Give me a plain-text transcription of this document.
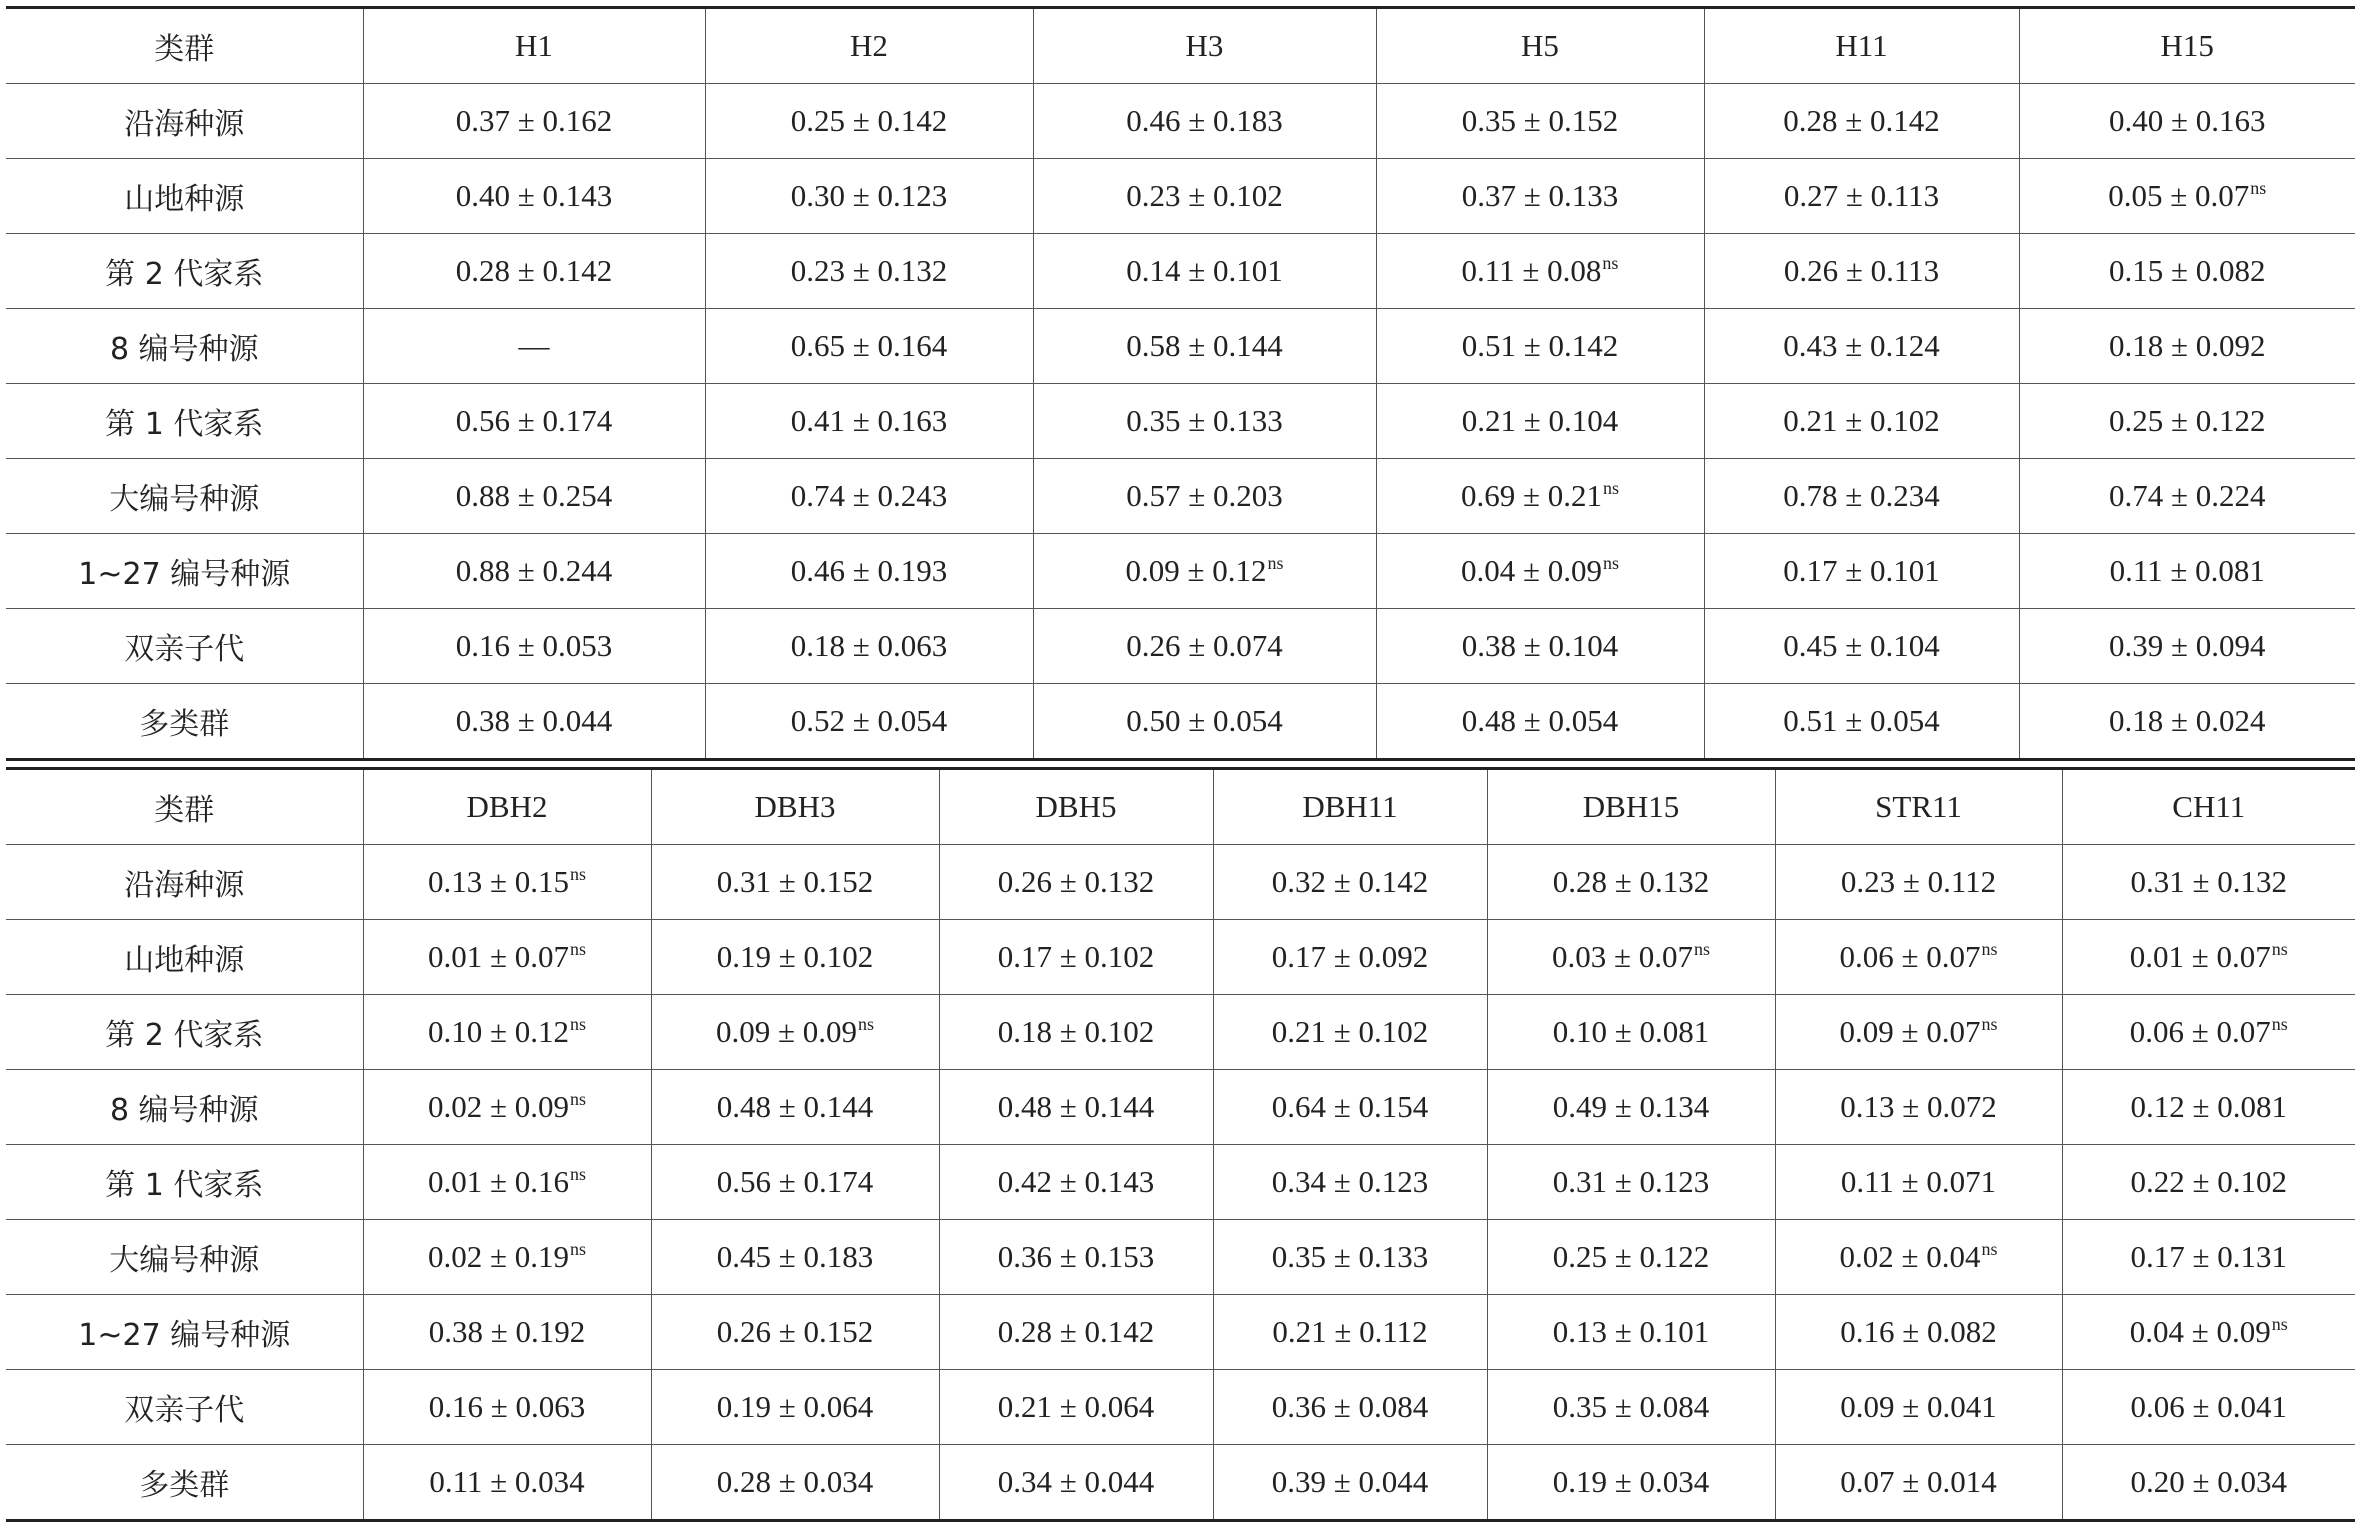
类群	H1	H2	H3	H5	H11	H15
沿海种源	0.37 ± 0.162	0.25 ± 0.142	0.46 ± 0.183	0.35 ± 0.152	0.28 ± 0.142	0.40 ± 0.163
山地种源	0.40 ± 0.143	0.30 ± 0.123	0.23 ± 0.102	0.37 ± 0.133	0.27 ± 0.113	$0.05 \pm 0.07^{ns}$
第 2 代家系	0.28 ± 0.142	0.23 ± 0.132	0.14 ± 0.101	$0.11 \pm 0.08^{ns}$	0.26 ± 0.113	0.15 ± 0.082
8 编号种源	—	0.65 ± 0.164	0.58 ± 0.144	0.51 ± 0.142	0.43 ± 0.124	0.18 ± 0.092
第 1 代家系	0.56 ± 0.174	0.41 ± 0.163	0.35 ± 0.133	0.21 ± 0.104	0.21 ± 0.102	0.25 ± 0.122
大编号种源	0.88 ± 0.254	0.74 ± 0.243	0.57 ± 0.203	$0.69 \pm 0.21^{ns}$	0.78 ± 0.234	0.74 ± 0.224
1~27 编号种源	0.88 ± 0.244	0.46 ± 0.193	$0.09 \pm 0.12^{ns}$	$0.04 \pm 0.09^{ns}$	0.17 ± 0.101	0.11 ± 0.081
双亲子代	0.16 ± 0.053	0.18 ± 0.063	0.26 ± 0.074	0.38 ± 0.104	0.45 ± 0.104	0.39 ± 0.094
多类群	0.38 ± 0.044	0.52 ± 0.054	0.50 ± 0.054	0.48 ± 0.054	0.51 ± 0.054	0.18 ± 0.024
类群	DBH2	DBH3	DBH5	DBH11	DBH15	STR11	CH11
沿海种源	$0.13 \pm 0.15^{ns}$	0.31 ± 0.152	0.26 ± 0.132	0.32 ± 0.142	0.28 ± 0.132	0.23 ± 0.112	0.31 ± 0.132
山地种源	$0.01 \pm 0.07^{ns}$	0.19 ± 0.102	0.17 ± 0.102	0.17 ± 0.092	$0.03 \pm 0.07^{ns}$	$0.06 \pm 0.07^{ns}$	$0.01 \pm 0.07^{ns}$
第 2 代家系	$0.10 \pm 0.12^{ns}$	$0.09 \pm 0.09^{ns}$	0.18 ± 0.102	0.21 ± 0.102	0.10 ± 0.081	$0.09 \pm 0.07^{ns}$	$0.06 \pm 0.07^{ns}$
8 编号种源	$0.02 \pm 0.09^{ns}$	0.48 ± 0.144	0.48 ± 0.144	0.64 ± 0.154	0.49 ± 0.134	0.13 ± 0.072	0.12 ± 0.081
第 1 代家系	$0.01 \pm 0.16^{ns}$	0.56 ± 0.174	0.42 ± 0.143	0.34 ± 0.123	0.31 ± 0.123	0.11 ± 0.071	0.22 ± 0.102
大编号种源	$0.02 \pm 0.19^{ns}$	0.45 ± 0.183	0.36 ± 0.153	0.35 ± 0.133	0.25 ± 0.122	$0.02 \pm 0.04^{ns}$	0.17 ± 0.131
1~27 编号种源	0.38 ± 0.192	0.26 ± 0.152	0.28 ± 0.142	0.21 ± 0.112	0.13 ± 0.101	0.16 ± 0.082	$0.04 \pm 0.09^{ns}$
双亲子代	0.16 ± 0.063	0.19 ± 0.064	0.21 ± 0.064	0.36 ± 0.084	0.35 ± 0.084	0.09 ± 0.041	0.06 ± 0.041
多类群	0.11 ± 0.034	0.28 ± 0.034	0.34 ± 0.044	0.39 ± 0.044	0.19 ± 0.034	0.07 ± 0.014	0.20 ± 0.034
